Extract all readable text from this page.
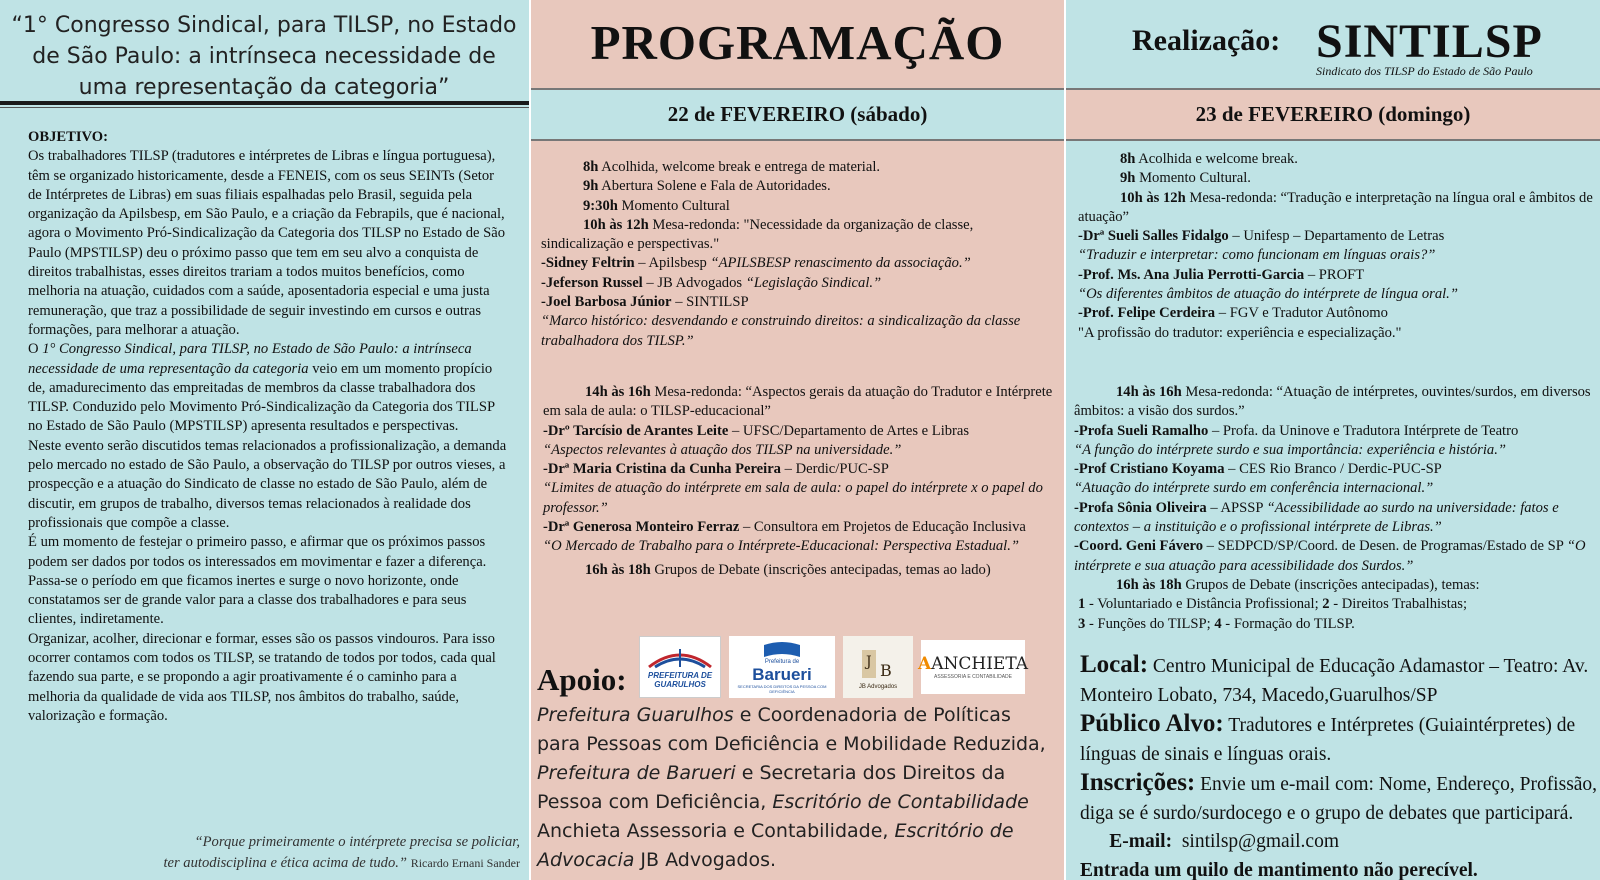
“1° Congresso Sindical, para TILSP, no Estado de São Paulo: a intrínseca necessidade de uma representação da categoria”

OBJETIVO:

Os trabalhadores TILSP (tradutores e intérpretes de Libras e língua portuguesa), têm se organizado historicamente, desde a FENEIS, com os seus SEINTs (Setor de Intérpretes de Libras) em suas filiais espalhadas pelo Brasil, seguida pela organização da Apilsbesp, em São Paulo, e a criação da Febrapils, que é nacional, agora o Movimento Pró-Sindicalização da Categoria dos TILSP no Estado de São Paulo (MPSTILSP) deu o próximo passo que tem em seu alvo a conquista de direitos trabalhistas, esses direitos trariam a todos muitos benefícios, como melhoria na atuação, cuidados com a saúde, aposentadoria especial e uma justa remuneração, que traz a possibilidade de seguir investindo em cursos e outras formações, para melhorar a atuação.

O 1° Congresso Sindical, para TILSP, no Estado de São Paulo: a intrínseca necessidade de uma representação da categoria veio em um momento propício de, amadurecimento das empreitadas de membros da classe trabalhadora dos TILSP. Conduzido pelo Movimento Pró-Sindicalização da Categoria dos TILSP no Estado de São Paulo (MPSTILSP) apresenta resultados e perspectivas.

Neste evento serão discutidos temas relacionados a profissionalização, a demanda pelo mercado no estado de São Paulo, a observação do TILSP por outros vieses, a prospecção e a atuação do Sindicato de classe no estado de São Paulo, além de discutir, em grupos de trabalho, diversos temas relacionados à realidade dos profissionais que compõe a classe.

É um momento de festejar o primeiro passo, e afirmar que os próximos passos podem ser dados por todos os interessados em movimentar e fazer a diferença.

Passa-se o período em que ficamos inertes e surge o novo horizonte, onde constatamos ser de grande valor para a classe dos trabalhadores e para seus clientes, indiretamente.

Organizar, acolher, direcionar e formar, esses são os passos vindouros. Para isso ocorrer contamos com todos os TILSP, se tratando de todos por todos, cada qual fazendo sua parte, e se propondo a agir proativamente é o caminho para a melhoria da qualidade de vida aos TILSP, nos âmbitos do trabalho, saúde, valorização e formação.

“Porque primeiramente o intérprete precisa se policiar,
ter autodisciplina e ética acima de tudo.” Ricardo Ernani Sander
PROGRAMAÇÃO
22 de FEVEREIRO (sábado)

8h Acolhida, welcome break e entrega de material.

9h Abertura Solene e Fala de Autoridades.

9:30h Momento Cultural

10h às 12h Mesa-redonda: "Necessidade da organização de classe, sindicalização e perspectivas."

-Sidney Feltrin – Apilsbesp “APILSBESP renascimento da associação.”

-Jeferson Russel – JB Advogados “Legislação Sindical.”

-Joel Barbosa Júnior – SINTILSP

“Marco histórico: desvendando e construindo direitos: a sindicalização da classe trabalhadora dos TILSP.”

14h às 16h Mesa-redonda: “Aspectos gerais da atuação do Tradutor e Intérprete em sala de aula: o TILSP-educacional”

-Drº Tarcísio de Arantes Leite – UFSC/Departamento de Artes e Libras

“Aspectos relevantes à atuação dos TILSP na universidade.”

-Drª Maria Cristina da Cunha Pereira – Derdic/PUC-SP

“Limites de atuação do intérprete em sala de aula: o papel do intérprete x o papel do professor.”

-Drª Generosa Monteiro Ferraz – Consultora em Projetos de Educação Inclusiva

“O Mercado de Trabalho para o Intérprete-Educacional: Perspectiva Estadual.”

16h às 18h Grupos de Debate (inscrições antecipadas, temas ao lado)

Apoio:	PREFEITURA DE GUARULHOS
Prefeitura de
Barueri
SECRETARIA DOS DIREITOS DA PESSOA COM DEFICIÊNCIA
J B
JB Advogados
AANCHIETA
ASSESSORIA E CONTABILIDADE
Prefeitura Guarulhos e Coordenadoria de Políticas para Pessoas com Deficiência e Mobilidade Reduzida, Prefeitura de Barueri e Secretaria dos Direitos da Pessoa com Deficiência, Escritório de Contabilidade Anchieta Assessoria e Contabilidade, Escritório de Advocacia JB Advogados.
Realização: SINTILSP
Sindicato dos TILSP do Estado de São Paulo
23 de FEVEREIRO (domingo)

8h Acolhida e welcome break.

9h Momento Cultural.

10h às 12h Mesa-redonda: “Tradução e interpretação na língua oral e âmbitos de atuação”

-Drª Sueli Salles Fidalgo – Unifesp – Departamento de Letras

“Traduzir e interpretar: como funcionam em línguas orais?”

-Prof. Ms. Ana Julia Perrotti-Garcia – PROFT

“Os diferentes âmbitos de atuação do intérprete de língua oral.”

-Prof. Felipe Cerdeira – FGV e Tradutor Autônomo

"A profissão do tradutor: experiência e especialização."

14h às 16h Mesa-redonda: “Atuação de intérpretes, ouvintes/surdos, em diversos âmbitos: a visão dos surdos.”

-Profa Sueli Ramalho – Profa. da Uninove e Tradutora Intérprete de Teatro

“A função do intérprete surdo e sua importância: experiência e história.”

-Prof Cristiano Koyama – CES Rio Branco / Derdic-PUC-SP

“Atuação do intérprete surdo em conferência internacional.”

-Profa Sônia Oliveira – APSSP “Acessibilidade ao surdo na universidade: fatos e contextos – a instituição e o profissional intérprete de Libras.”

-Coord. Geni Fávero – SEDPCD/SP/Coord. de Desen. de Programas/Estado de SP “O intérprete e sua atuação para acessibilidade dos Surdos.”

16h às 18h Grupos de Debate (inscrições antecipadas), temas:

1 - Voluntariado e Distância Profissional; 2 - Direitos Trabalhistas;

3 - Funções do TILSP; 4 - Formação do TILSP.

Local: Centro Municipal de Educação Adamastor – Teatro: Av. Monteiro Lobato, 734, Macedo,Guarulhos/SP

Público Alvo: Tradutores e Intérpretes (Guiaintérpretes) de línguas de sinais e línguas orais.

Inscrições: Envie um e-mail com: Nome, Endereço, Profissão, diga se é surdo/surdocego e o grupo de debates que participará.       E-mail: sintilsp@gmail.com

Entrada um quilo de mantimento não perecível.
